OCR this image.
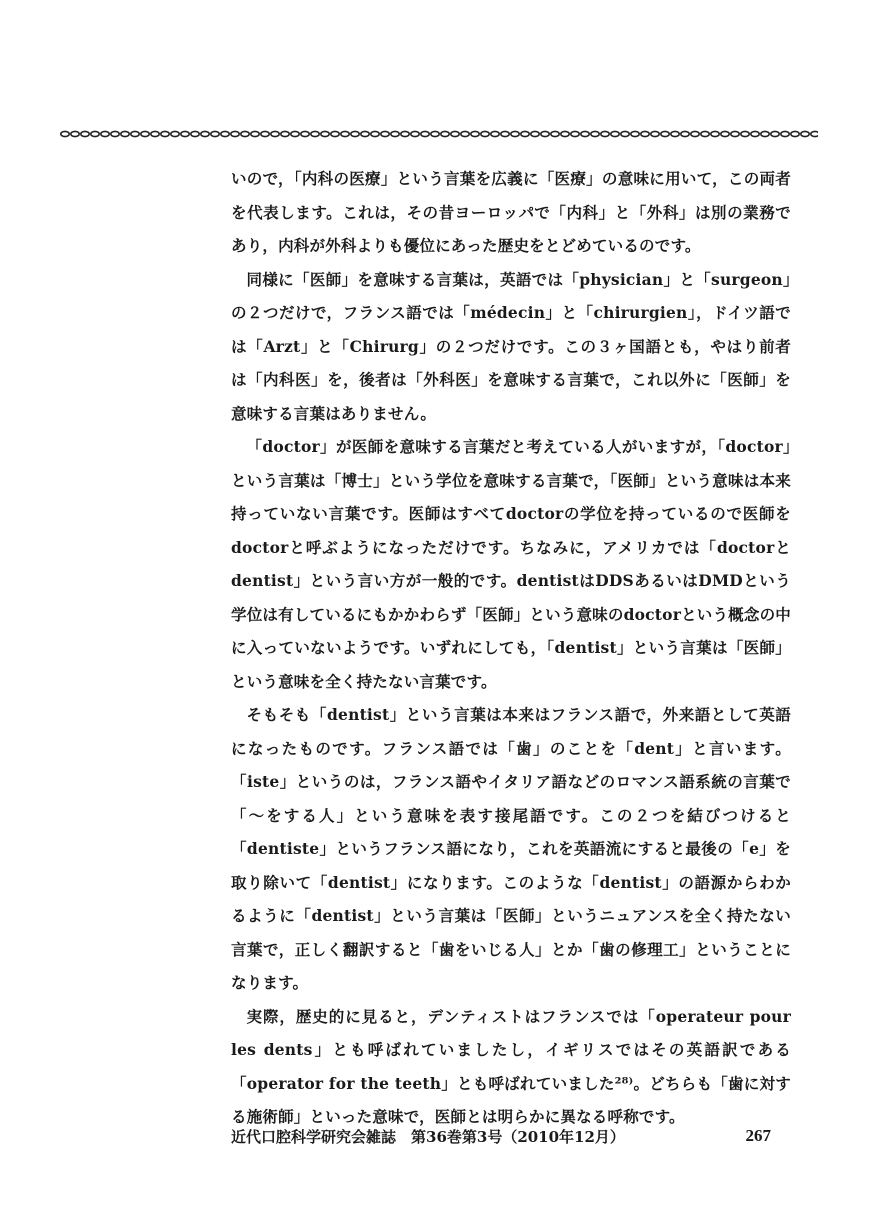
いので，「内科の医療」という言葉を広義に「医療」の意味に用いて，この両者を代表します。これは，その昔ヨーロッパで「内科」と「外科」は別の業務であり，内科が外科よりも優位にあった歴史をとどめているのです。

同様に「医師」を意味する言葉は，英語では「physician」と「surgeon」の２つだけで，フランス語では「médecin」と「chirurgien」，ドイツ語では「Arzt」と「Chirurg」の２つだけです。この３ヶ国語とも，やはり前者は「内科医」を，後者は「外科医」を意味する言葉で，これ以外に「医師」を意味する言葉はありません。

「doctor」が医師を意味する言葉だと考えている人がいますが，「doctor」という言葉は「博士」という学位を意味する言葉で，「医師」という意味は本来持っていない言葉です。医師はすべてdoctorの学位を持っているので医師をdoctorと呼ぶようになっただけです。ちなみに，アメリカでは「doctorとdentist」という言い方が一般的です。dentistはDDSあるいはDMDという学位は有しているにもかかわらず「医師」という意味のdoctorという概念の中に入っていないようです。いずれにしても，「dentist」という言葉は「医師」という意味を全く持たない言葉です。

そもそも「dentist」という言葉は本来はフランス語で，外来語として英語になったものです。フランス語では「歯」のことを「dent」と言います。「iste」というのは，フランス語やイタリア語などのロマンス語系統の言葉で「～をする人」という意味を表す接尾語です。この２つを結びつけると「dentiste」というフランス語になり，これを英語流にすると最後の「e」を取り除いて「dentist」になります。このような「dentist」の語源からわかるように「dentist」という言葉は「医師」というニュアンスを全く持たない言葉で，正しく翻訳すると「歯をいじる人」とか「歯の修理工」ということになります。

実際，歴史的に見ると，デンティストはフランスでは「operateur pour les dents」とも呼ばれていましたし，イギリスではその英語訳である「operator for the teeth」とも呼ばれていました²⁸⁾。どちらも「歯に対する施術師」といった意味で，医師とは明らかに異なる呼称です。

近代口腔科学研究会雑誌　第36巻第3号（2010年12月）	267
